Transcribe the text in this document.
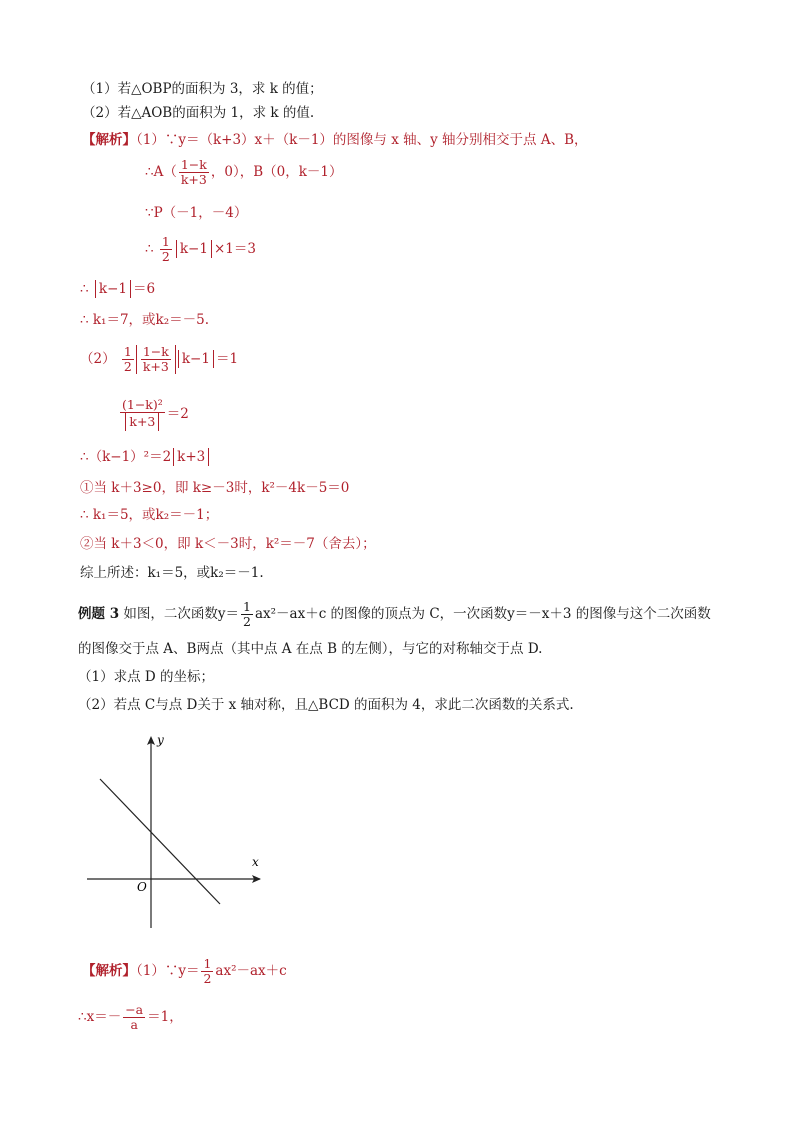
（1）若△OBP的面积为 3，求 k 的值；
（2）若△AOB的面积为 1，求 k 的值.
【解析】（1）∵y＝（k+3）x＋（k－1）的图像与 x 轴、y 轴分别相交于点 A、B，
∴A（ $\frac{1-k}{k+3}$ ，0），B（0，k－1）
∵P（－1，－4）
∴ $\frac{1}{2} k-1 \times 1=3$
∴ k−1 ＝6
∴ k₁＝7，或k₂＝－5.
$(2) \frac{1}{2} \frac{1-k}{k+3} k-1 =1$
$\frac{\text{(1−k)²}}{k+3} =2$
∴（k−1）²＝2 k+3
①当 k＋3≥0，即 k≥－3时，k²－4k－5＝0
∴ k₁＝5，或k₂＝－1；
②当 k＋3＜0，即 k＜－3时，k²＝－7（舍去）；
综上所述：k₁＝5，或k₂＝－1.
例题 3 如图，二次函数$y= \frac{1}{2} ax^2-ax+c$ 的图像的顶点为 C，一次函数y＝－x＋3 的图像与这个二次函数
的图像交于点 A、B两点（其中点 A 在点 B 的左侧），与它的对称轴交于点 D.
（1）求点 D 的坐标；
（2）若点 C与点 D关于 x 轴对称，且△BCD 的面积为 4，求此二次函数的关系式.
x
y
O
【解析】（1）∵y＝ $\frac{1}{2} ax^2-ax+c$
∴x＝－ $\frac{-a}{a} =1$，
